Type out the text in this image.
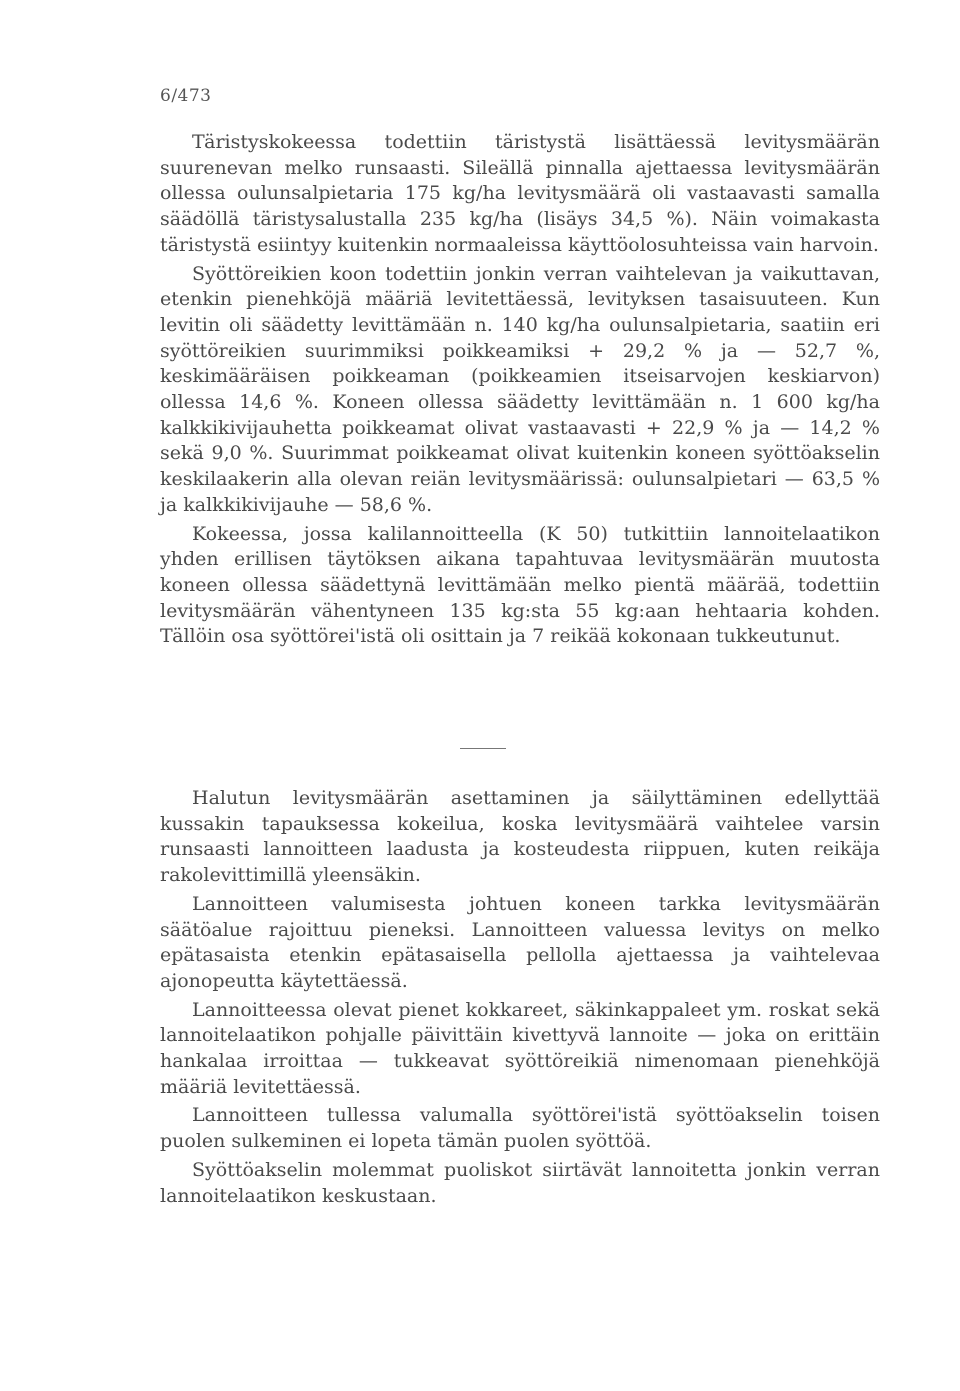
6/473

Täristyskokeessa todettiin täristystä lisättäessä levitysmäärän suurenevan melko runsaasti. Sileällä pinnalla ajettaessa levitysmäärän ollessa oulunsalpietaria 175 kg/ha levitysmäärä oli vastaavasti samalla säädöllä täristysalustalla 235 kg/ha (lisäys 34,5 %). Näin voimakasta täristystä esiintyy kuitenkin normaaleissa käyttöolosuhteissa vain harvoin.

Syöttöreikien koon todettiin jonkin verran vaihtelevan ja vaikuttavan, etenkin pienehköjä määriä levitettäessä, levityksen tasaisuuteen. Kun levitin oli säädetty levittämään n. 140 kg/ha oulunsalpietaria, saatiin eri syöttöreikien suurimmiksi poikkeamiksi + 29,2 % ja — 52,7 %, keskimääräisen poikkeaman (poikkeamien itseisarvojen keskiarvon) ollessa 14,6 %. Koneen ollessa säädetty levittämään n. 1 600 kg/ha kalkkikivijauhetta poikkeamat olivat vastaavasti + 22,9 % ja — 14,2 % sekä 9,0 %. Suurimmat poikkeamat olivat kuitenkin koneen syöttöakselin keskilaakerin alla olevan reiän levitysmäärissä: oulunsalpietari — 63,5 % ja kalkkikivijauhe — 58,6 %.

Kokeessa, jossa kalilannoitteella (K 50) tutkittiin lannoitelaatikon yhden erillisen täytöksen aikana tapahtuvaa levitysmäärän muutosta koneen ollessa säädettynä levittämään melko pientä määrää, todettiin levitysmäärän vähentyneen 135 kg:sta 55 kg:aan hehtaaria kohden. Tällöin osa syöttörei'istä oli osittain ja 7 reikää kokonaan tukkeutunut.

Halutun levitysmäärän asettaminen ja säilyttäminen edellyttää kussakin tapauksessa kokeilua, koska levitysmäärä vaihtelee varsin runsaasti lannoitteen laadusta ja kosteudesta riippuen, kuten reikäja rakolevittimillä yleensäkin.

Lannoitteen valumisesta johtuen koneen tarkka levitysmäärän säätöalue rajoittuu pieneksi. Lannoitteen valuessa levitys on melko epätasaista etenkin epätasaisella pellolla ajettaessa ja vaihtelevaa ajonopeutta käytettäessä.

Lannoitteessa olevat pienet kokkareet, säkinkappaleet ym. roskat sekä lannoitelaatikon pohjalle päivittäin kivettyvä lannoite — joka on erittäin hankalaa irroittaa — tukkeavat syöttöreikiä nimenomaan pienehköjä määriä levitettäessä.

Lannoitteen tullessa valumalla syöttörei'istä syöttöakselin toisen puolen sulkeminen ei lopeta tämän puolen syöttöä.

Syöttöakselin molemmat puoliskot siirtävät lannoitetta jonkin verran lannoitelaatikon keskustaan.
